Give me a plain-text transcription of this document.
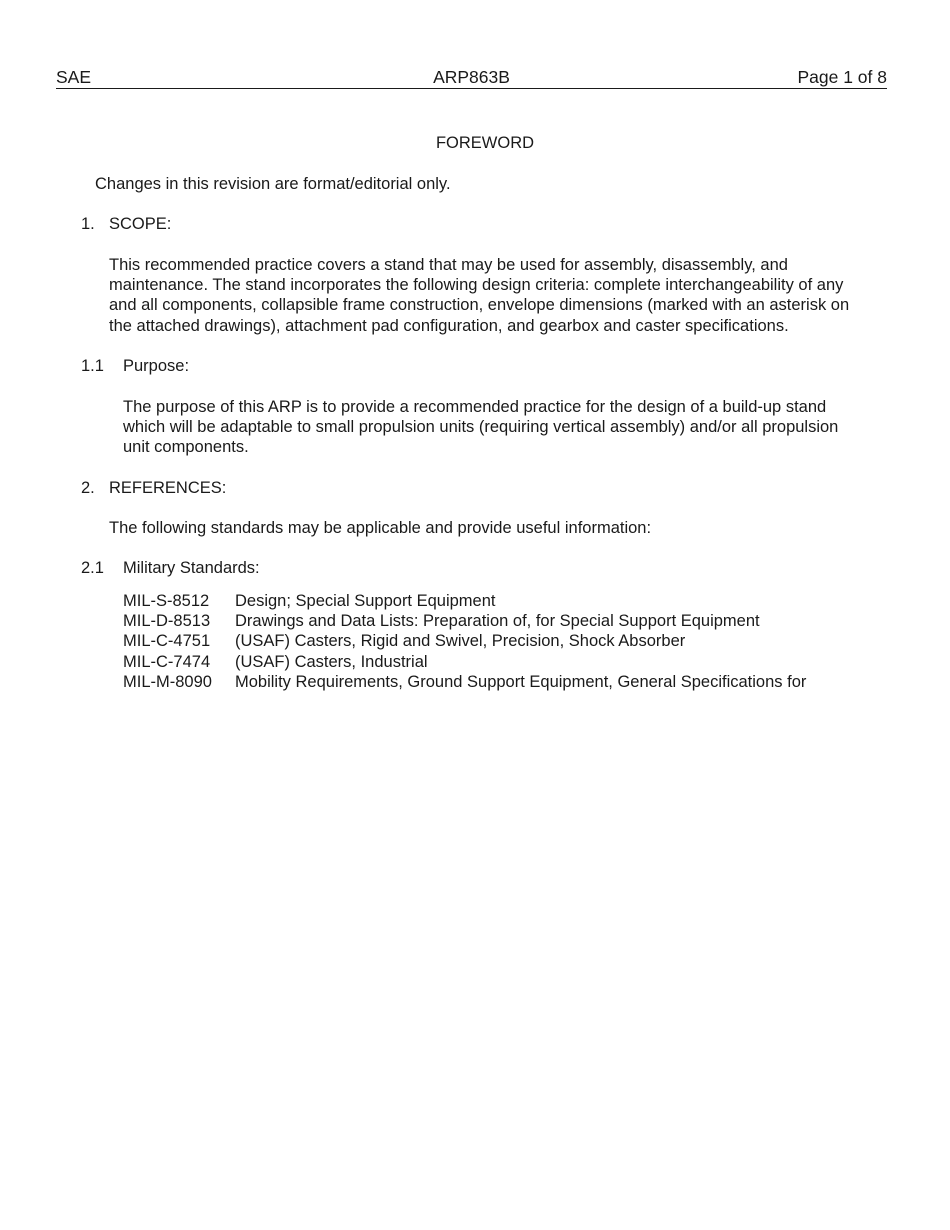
SAE	ARP863B	Page 1 of 8
FOREWORD
Changes in this revision are format/editorial only.
1. SCOPE:
This recommended practice covers a stand that may be used for assembly, disassembly, and
maintenance. The stand incorporates the following design criteria: complete interchangeability of any
and all components, collapsible frame construction, envelope dimensions (marked with an asterisk on
the attached drawings), attachment pad configuration, and gearbox and caster specifications.
1.1 Purpose:
The purpose of this ARP is to provide a recommended practice for the design of a build-up stand
which will be adaptable to small propulsion units (requiring vertical assembly) and/or all propulsion
unit components.
2. REFERENCES:
The following standards may be applicable and provide useful information:
2.1 Military Standards:
MIL-S-8512 Design; Special Support Equipment
MIL-D-8513 Drawings and Data Lists: Preparation of, for Special Support Equipment
MIL-C-4751 (USAF) Casters, Rigid and Swivel, Precision, Shock Absorber
MIL-C-7474 (USAF) Casters, Industrial
MIL-M-8090 Mobility Requirements, Ground Support Equipment, General Specifications for
